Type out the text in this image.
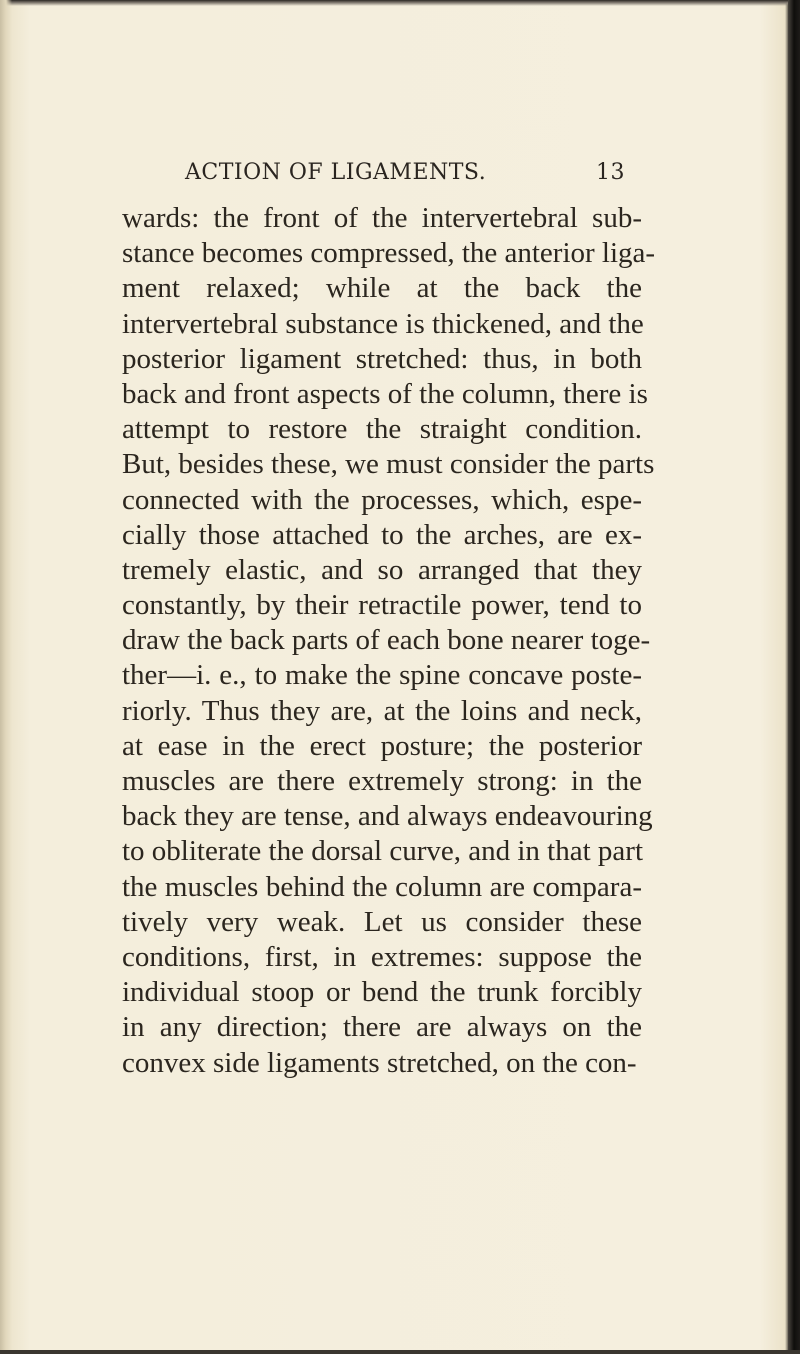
ACTION OF LIGAMENTS.	13
wards: the front of the intervertebral sub-
stance becomes compressed, the anterior liga-
ment relaxed; while at the back the
intervertebral substance is thickened, and the
posterior ligament stretched: thus, in both
back and front aspects of the column, there is
attempt to restore the straight condition.
But, besides these, we must consider the parts
connected with the processes, which, espe-
cially those attached to the arches, are ex-
tremely elastic, and so arranged that they
constantly, by their retractile power, tend to
draw the back parts of each bone nearer toge-
ther—i. e., to make the spine concave poste-
riorly. Thus they are, at the loins and neck,
at ease in the erect posture; the posterior
muscles are there extremely strong: in the
back they are tense, and always endeavouring
to obliterate the dorsal curve, and in that part
the muscles behind the column are compara-
tively very weak. Let us consider these
conditions, first, in extremes: suppose the
individual stoop or bend the trunk forcibly
in any direction; there are always on the
convex side ligaments stretched, on the con-
